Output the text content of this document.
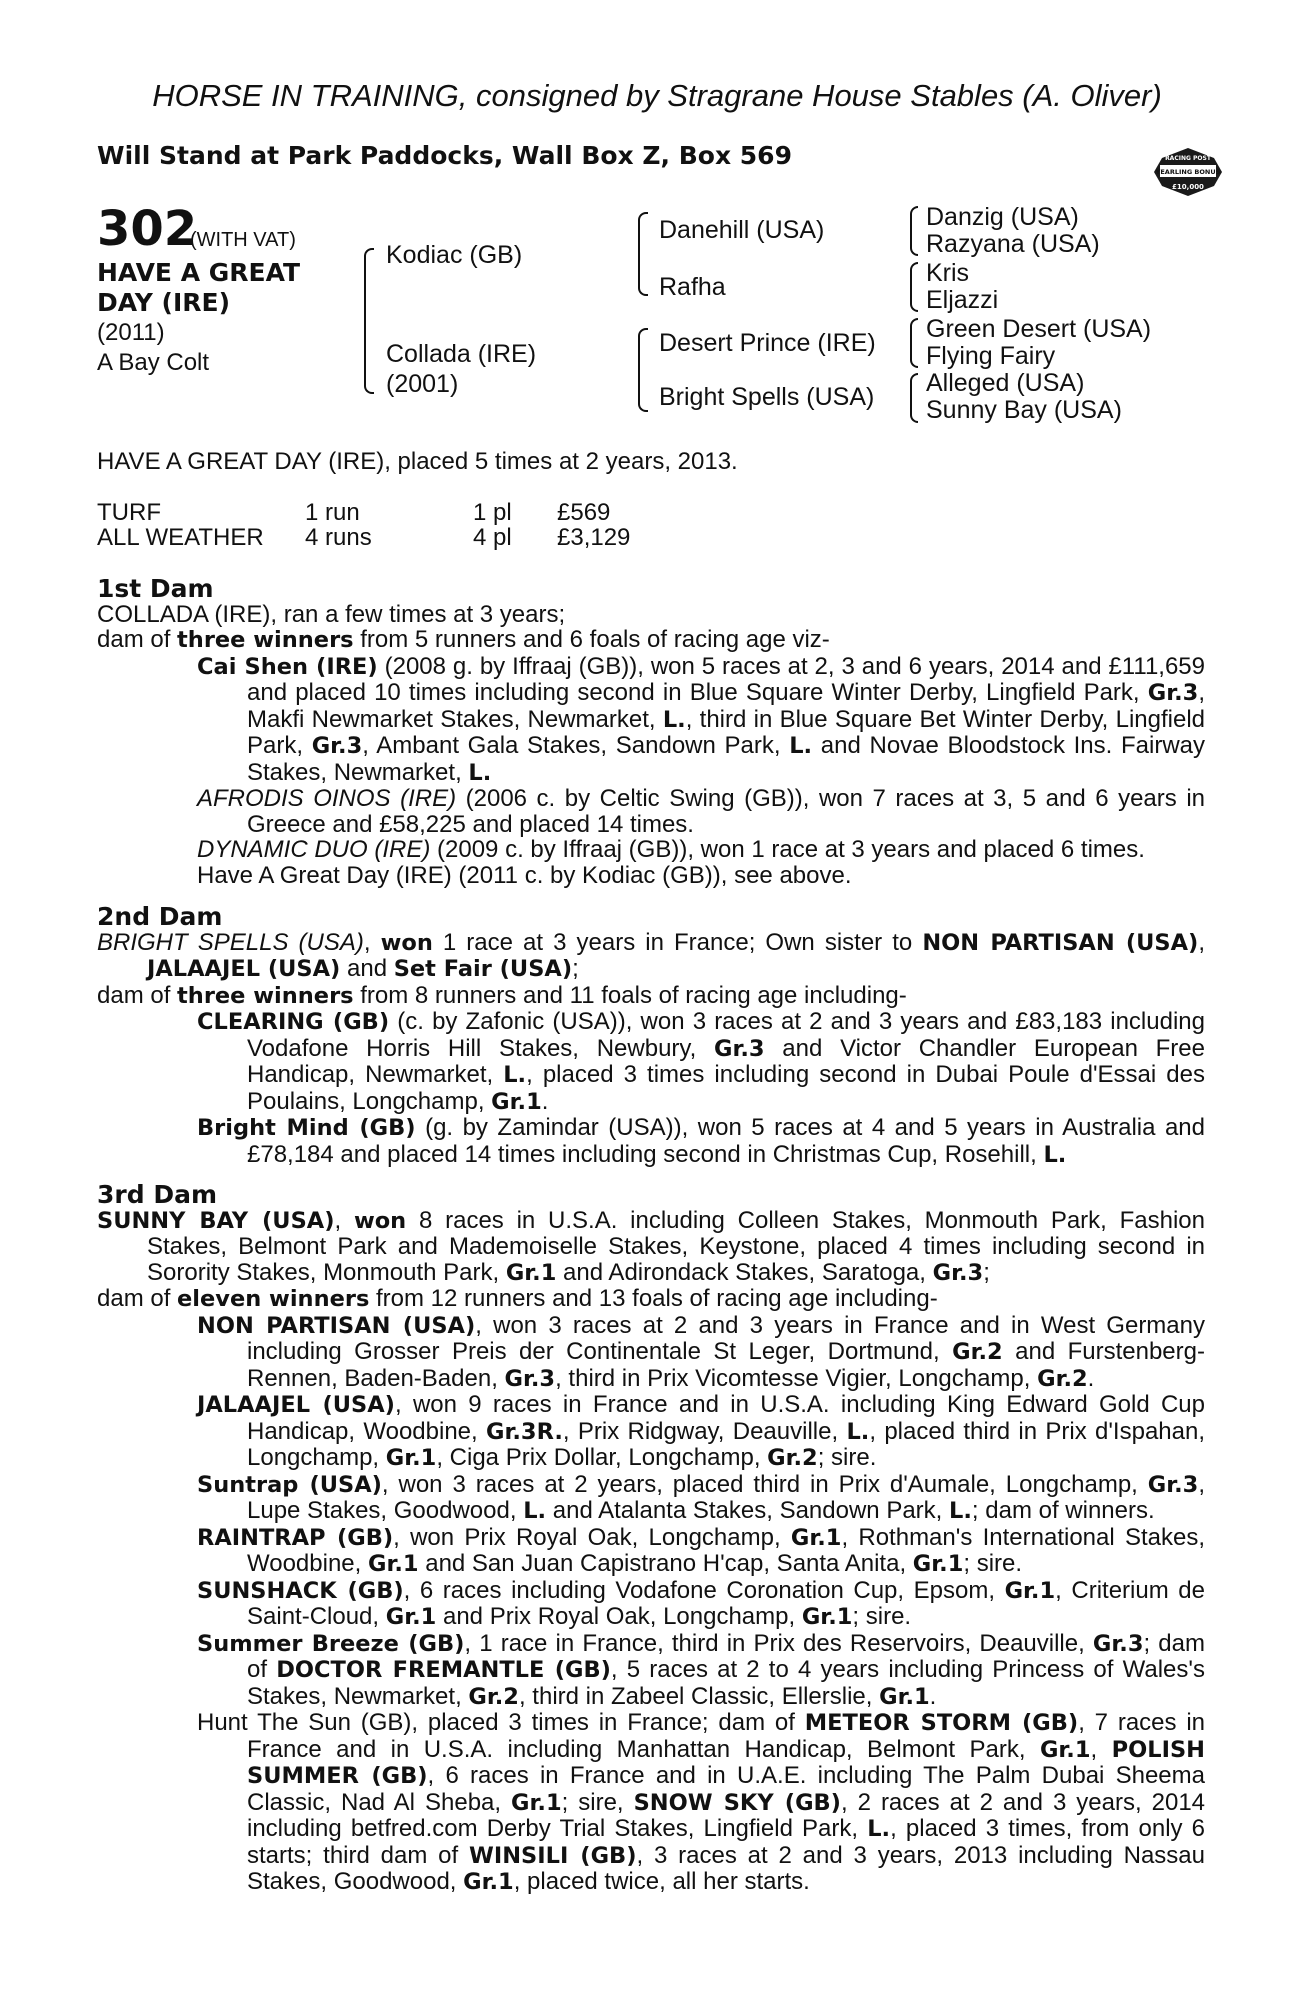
HORSE IN TRAINING, consigned by Stragrane House Stables (A. Oliver)
Will Stand at Park Paddocks, Wall Box Z, Box 569	RACING POST
YEARLING BONUS
£10,000
302
(WITH VAT)
HAVE A GREAT
DAY (IRE)
(2011)
A Bay Colt
Kodiac (GB)
Collada (IRE)
(2001)
Danehill (USA)
Rafha
Desert Prince (IRE)
Bright Spells (USA)
Danzig (USA)
Razyana (USA)
Kris
Eljazzi
Green Desert (USA)
Flying Fairy
Alleged (USA)
Sunny Bay (USA)
HAVE A GREAT DAY (IRE), placed 5 times at 2 years, 2013.
TURF	1 run	1 pl	£569
ALL WEATHER	4 runs	4 pl	£3,129
1st Dam

COLLADA (IRE), ran a few times at 3 years;

dam of three winners from 5 runners and 6 foals of racing age viz-

Cai Shen (IRE) (2008 g. by Iffraaj (GB)), won 5 races at 2, 3 and 6 years, 2014 and £111,659 and placed 10 times including second in Blue Square Winter Derby, Lingfield Park, Gr.3, Makfi Newmarket Stakes, Newmarket, L., third in Blue Square Bet Winter Derby, Lingfield Park, Gr.3, Ambant Gala Stakes, Sandown Park, L. and Novae Bloodstock Ins. Fairway Stakes, Newmarket, L.

AFRODIS OINOS (IRE) (2006 c. by Celtic Swing (GB)), won 7 races at 3, 5 and 6 years in Greece and £58,225 and placed 14 times.

DYNAMIC DUO (IRE) (2009 c. by Iffraaj (GB)), won 1 race at 3 years and placed 6 times.

Have A Great Day (IRE) (2011 c. by Kodiac (GB)), see above.

2nd Dam

BRIGHT SPELLS (USA), won 1 race at 3 years in France; Own sister to NON PARTISAN (USA), JALAAJEL (USA) and Set Fair (USA);

dam of three winners from 8 runners and 11 foals of racing age including-

CLEARING (GB) (c. by Zafonic (USA)), won 3 races at 2 and 3 years and £83,183 including Vodafone Horris Hill Stakes, Newbury, Gr.3 and Victor Chandler European Free Handicap, Newmarket, L., placed 3 times including second in Dubai Poule d'Essai des Poulains, Longchamp, Gr.1.

Bright Mind (GB) (g. by Zamindar (USA)), won 5 races at 4 and 5 years in Australia and £78,184 and placed 14 times including second in Christmas Cup, Rosehill, L.

3rd Dam

SUNNY BAY (USA), won 8 races in U.S.A. including Colleen Stakes, Monmouth Park, Fashion Stakes, Belmont Park and Mademoiselle Stakes, Keystone, placed 4 times including second in Sorority Stakes, Monmouth Park, Gr.1 and Adirondack Stakes, Saratoga, Gr.3;

dam of eleven winners from 12 runners and 13 foals of racing age including-

NON PARTISAN (USA), won 3 races at 2 and 3 years in France and in West Germany including Grosser Preis der Continentale St Leger, Dortmund, Gr.2 and Furstenberg-Rennen, Baden-Baden, Gr.3, third in Prix Vicomtesse Vigier, Longchamp, Gr.2.

JALAAJEL (USA), won 9 races in France and in U.S.A. including King Edward Gold Cup Handicap, Woodbine, Gr.3R., Prix Ridgway, Deauville, L., placed third in Prix d'Ispahan, Longchamp, Gr.1, Ciga Prix Dollar, Longchamp, Gr.2; sire.

Suntrap (USA), won 3 races at 2 years, placed third in Prix d'Aumale, Longchamp, Gr.3, Lupe Stakes, Goodwood, L. and Atalanta Stakes, Sandown Park, L.; dam of winners.

RAINTRAP (GB), won Prix Royal Oak, Longchamp, Gr.1, Rothman's International Stakes, Woodbine, Gr.1 and San Juan Capistrano H'cap, Santa Anita, Gr.1; sire.

SUNSHACK (GB), 6 races including Vodafone Coronation Cup, Epsom, Gr.1, Criterium de Saint-Cloud, Gr.1 and Prix Royal Oak, Longchamp, Gr.1; sire.

Summer Breeze (GB), 1 race in France, third in Prix des Reservoirs, Deauville, Gr.3; dam of DOCTOR FREMANTLE (GB), 5 races at 2 to 4 years including Princess of Wales's Stakes, Newmarket, Gr.2, third in Zabeel Classic, Ellerslie, Gr.1.

Hunt The Sun (GB), placed 3 times in France; dam of METEOR STORM (GB), 7 races in France and in U.S.A. including Manhattan Handicap, Belmont Park, Gr.1, POLISH SUMMER (GB), 6 races in France and in U.A.E. including The Palm Dubai Sheema Classic, Nad Al Sheba, Gr.1; sire, SNOW SKY (GB), 2 races at 2 and 3 years, 2014 including betfred.com Derby Trial Stakes, Lingfield Park, L., placed 3 times, from only 6 starts; third dam of WINSILI (GB), 3 races at 2 and 3 years, 2013 including Nassau Stakes, Goodwood, Gr.1, placed twice, all her starts.
